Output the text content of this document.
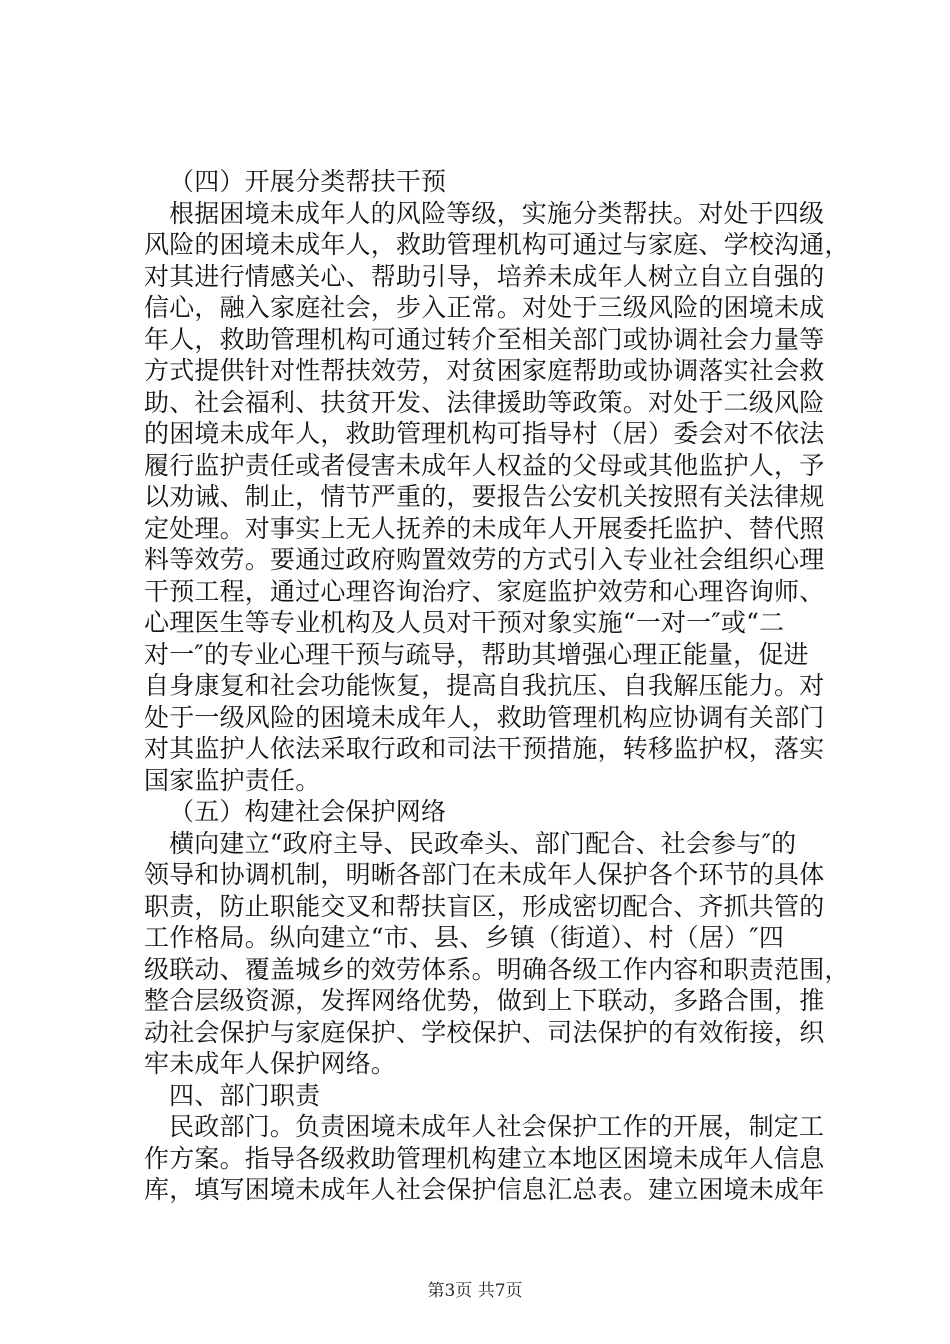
（四）开展分类帮扶干预
根据困境未成年人的风险等级，实施分类帮扶。对处于四级
风险的困境未成年人，救助管理机构可通过与家庭、学校沟通，
对其进行情感关心、帮助引导，培养未成年人树立自立自强的
信心，融入家庭社会，步入正常。对处于三级风险的困境未成
年人，救助管理机构可通过转介至相关部门或协调社会力量等
方式提供针对性帮扶效劳，对贫困家庭帮助或协调落实社会救
助、社会福利、扶贫开发、法律援助等政策。对处于二级风险
的困境未成年人，救助管理机构可指导村（居）委会对不依法
履行监护责任或者侵害未成年人权益的父母或其他监护人，予
以劝诫、制止，情节严重的，要报告公安机关按照有关法律规
定处理。对事实上无人抚养的未成年人开展委托监护、替代照
料等效劳。要通过政府购置效劳的方式引入专业社会组织心理
干预工程，通过心理咨询治疗、家庭监护效劳和心理咨询师、
心理医生等专业机构及人员对干预对象实施“一对一″或“二
对一″的专业心理干预与疏导，帮助其增强心理正能量，促进
自身康复和社会功能恢复，提高自我抗压、自我解压能力。对
处于一级风险的困境未成年人，救助管理机构应协调有关部门
对其监护人依法采取行政和司法干预措施，转移监护权，落实
国家监护责任。
（五）构建社会保护网络
横向建立“政府主导、民政牵头、部门配合、社会参与″的
领导和协调机制，明晰各部门在未成年人保护各个环节的具体
职责，防止职能交叉和帮扶盲区，形成密切配合、齐抓共管的
工作格局。纵向建立“市、县、乡镇（街道）、村（居）″四
级联动、覆盖城乡的效劳体系。明确各级工作内容和职责范围，
整合层级资源，发挥网络优势，做到上下联动，多路合围，推
动社会保护与家庭保护、学校保护、司法保护的有效衔接，织
牢未成年人保护网络。
四、部门职责
民政部门。负责困境未成年人社会保护工作的开展，制定工
作方案。指导各级救助管理机构建立本地区困境未成年人信息
库，填写困境未成年人社会保护信息汇总表。建立困境未成年
第3页 共7页
